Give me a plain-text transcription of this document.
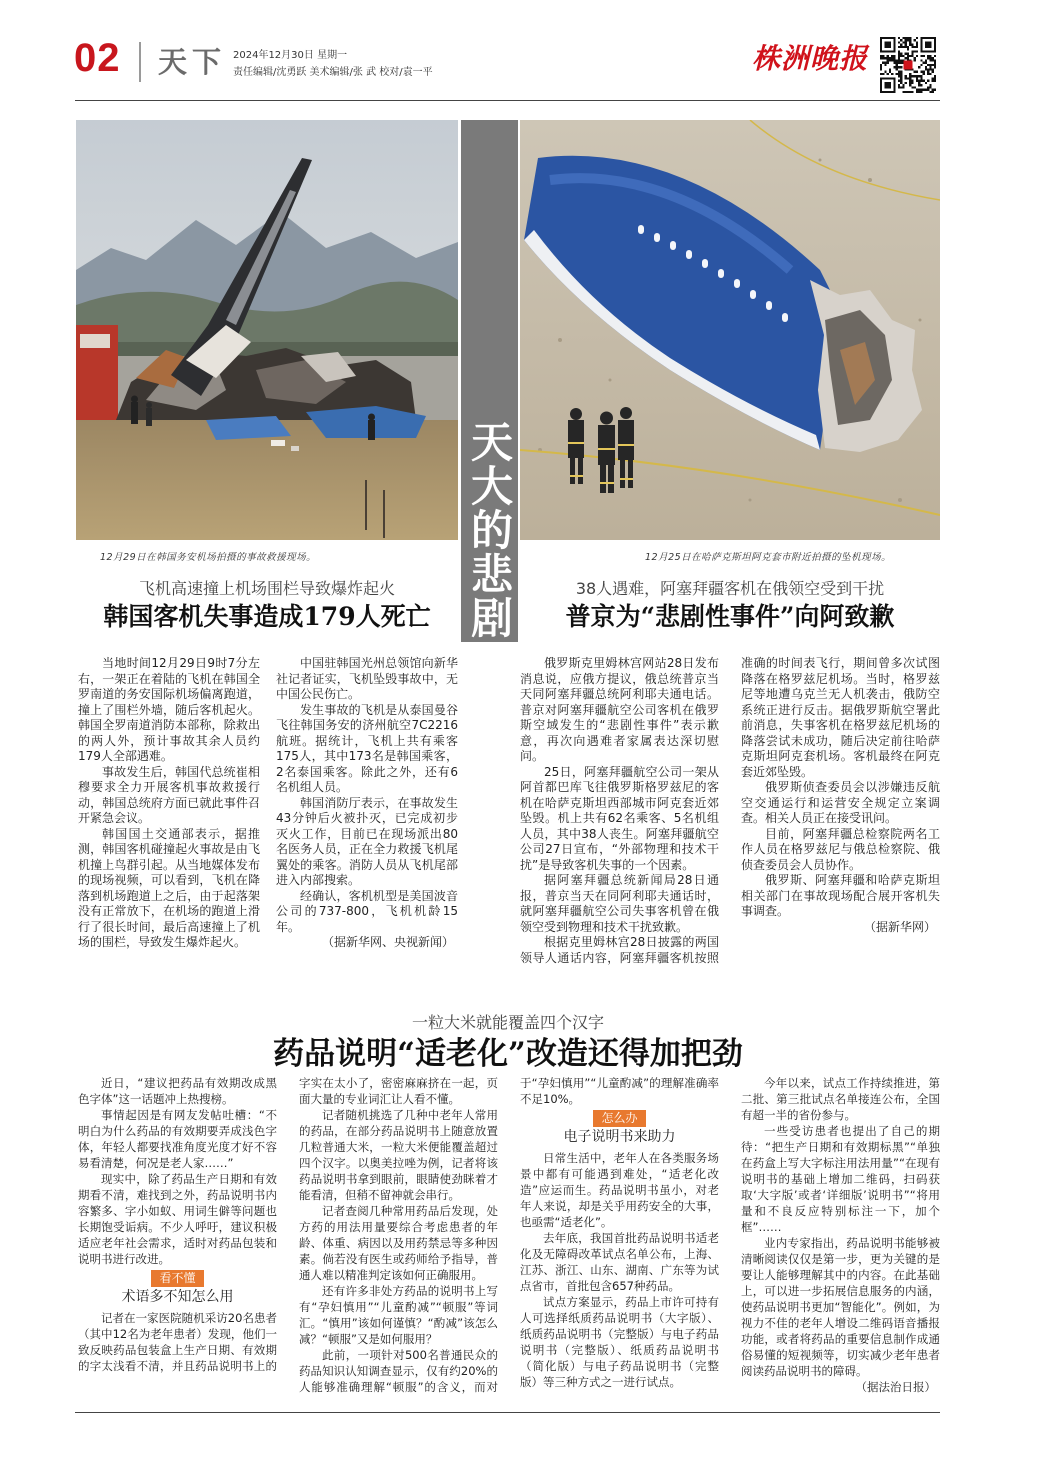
02 天下 2024年12月30日 星期一
责任编辑/沈勇跃 美术编辑/张 武 校对/袁一平	株洲晚报
天大的悲剧
12月29日在韩国务安机场拍摄的事故救援现场。	12月25日在哈萨克斯坦阿克套市附近拍摄的坠机现场。
飞机高速撞上机场围栏导致爆炸起火
韩国客机失事造成179人死亡

当地时间12月29日9时7分左右，一架正在着陆的飞机在韩国全罗南道的务安国际机场偏离跑道，撞上了围栏外墙，随后客机起火。韩国全罗南道消防本部称，除救出的两人外，预计事故其余人员约179人全部遇难。

事故发生后，韩国代总统崔相穆要求全力开展客机事故救援行动，韩国总统府方面已就此事件召开紧急会议。

韩国国土交通部表示，据推测，韩国客机碰撞起火事故是由飞机撞上鸟群引起。从当地媒体发布的现场视频，可以看到，飞机在降落到机场跑道上之后，由于起落架没有正常放下，在机场的跑道上滑行了很长时间，最后高速撞上了机场的围栏，导致发生爆炸起火。

中国驻韩国光州总领馆向新华社记者证实，飞机坠毁事故中，无中国公民伤亡。

发生事故的飞机是从泰国曼谷飞往韩国务安的济州航空7C2216航班。据统计，飞机上共有乘客175人，其中173名是韩国乘客，2名泰国乘客。除此之外，还有6名机组人员。

韩国消防厅表示，在事故发生43分钟后火被扑灭，已完成初步灭火工作，目前已在现场派出80名医务人员，正在全力救援飞机尾翼处的乘客。消防人员从飞机尾部进入内部搜索。

经确认，客机机型是美国波音公司的737-800，飞机机龄15年。

（据新华网、央视新闻）

38人遇难，阿塞拜疆客机在俄领空受到干扰
普京为“悲剧性事件”向阿致歉

俄罗斯克里姆林宫网站28日发布消息说，应俄方提议，俄总统普京当天同阿塞拜疆总统阿利耶夫通电话。普京对阿塞拜疆航空公司客机在俄罗斯空域发生的“悲剧性事件”表示歉意，再次向遇难者家属表达深切慰问。

25日，阿塞拜疆航空公司一架从阿首都巴库飞往俄罗斯格罗兹尼的客机在哈萨克斯坦西部城市阿克套近郊坠毁。机上共有62名乘客、5名机组人员，其中38人丧生。阿塞拜疆航空公司27日宣布，“外部物理和技术干扰”是导致客机失事的一个因素。

据阿塞拜疆总统新闻局28日通报，普京当天在同阿利耶夫通话时，就阿塞拜疆航空公司失事客机曾在俄领空受到物理和技术干扰致歉。

根据克里姆林宫28日披露的两国领导人通话内容，阿塞拜疆客机按照准确的时间表飞行，期间曾多次试图降落在格罗兹尼机场。当时，格罗兹尼等地遭乌克兰无人机袭击，俄防空系统正进行反击。据俄罗斯航空署此前消息，失事客机在格罗兹尼机场的降落尝试未成功，随后决定前往哈萨克斯坦阿克套机场。客机最终在阿克套近郊坠毁。

俄罗斯侦查委员会以涉嫌违反航空交通运行和运营安全规定立案调查。相关人员正在接受讯问。

目前，阿塞拜疆总检察院两名工作人员在格罗兹尼与俄总检察院、俄侦查委员会人员协作。

俄罗斯、阿塞拜疆和哈萨克斯坦相关部门在事故现场配合展开客机失事调查。

（据新华网）

一粒大米就能覆盖四个汉字
药品说明“适老化”改造还得加把劲

近日，“建议把药品有效期改成黑色字体”这一话题冲上热搜榜。

事情起因是有网友发帖吐槽：“不明白为什么药品的有效期要弄成浅色字体，年轻人都要找准角度光度才好不容易看清楚，何况是老人家……”

现实中，除了药品生产日期和有效期看不清，难找到之外，药品说明书内容繁多、字小如蚁、用词生僻等问题也长期饱受诟病。不少人呼吁，建议积极适应老年社会需求，适时对药品包装和说明书进行改进。

看不懂
术语多不知怎么用

记者在一家医院随机采访20名患者（其中12名为老年患者）发现，他们一致反映药品包装盒上生产日期、有效期的字太浅看不清，并且药品说明书上的字实在太小了，密密麻麻挤在一起，页面大量的专业词汇让人看不懂。

记者随机挑选了几种中老年人常用的药品，在部分药品说明书上随意放置几粒普通大米，一粒大米便能覆盖超过四个汉字。以奥美拉唑为例，记者将该药品说明书拿到眼前，眼睛使劲眯着才能看清，但稍不留神就会串行。

记者查阅几种常用药品后发现，处方药的用法用量要综合考虑患者的年龄、体重、病因以及用药禁忌等多种因素。倘若没有医生或药师给予指导，普通人难以精准判定该如何正确服用。

还有许多非处方药品的说明书上写有“孕妇慎用”“儿童酌减”“顿服”等词汇。“慎用”该如何谨慎？“酌减”该怎么减？“顿服”又是如何服用？

此前，一项针对500名普通民众的药品知识认知调查显示，仅有约20%的人能够准确理解“顿服”的含义，而对于“孕妇慎用”“儿童酌减”的理解准确率不足10%。

怎么办
电子说明书来助力

日常生活中，老年人在各类服务场景中都有可能遇到难处，“适老化改造”应运而生。药品说明书虽小，对老年人来说，却是关乎用药安全的大事，也亟需“适老化”。

去年底，我国首批药品说明书适老化及无障碍改革试点名单公布，上海、江苏、浙江、山东、湖南、广东等为试点省市，首批包含657种药品。

试点方案显示，药品上市许可持有人可选择纸质药品说明书（大字版）、纸质药品说明书（完整版）与电子药品说明书（完整版）、纸质药品说明书（简化版）与电子药品说明书（完整版）等三种方式之一进行试点。

今年以来，试点工作持续推进，第二批、第三批试点名单接连公布，全国有超一半的省份参与。

一些受访患者也提出了自己的期待：“把生产日期和有效期标黑”“单独在药盒上写大字标注用法用量”“在现有说明书的基础上增加二维码，扫码获取‘大字版’或者‘详细版’说明书”“将用量和不良反应特别标注一下，加个框”……

业内专家指出，药品说明书能够被清晰阅读仅仅是第一步，更为关键的是要让人能够理解其中的内容。在此基础上，可以进一步拓展信息服务的内涵，使药品说明书更加“智能化”。例如，为视力不佳的老年人增设二维码语音播报功能，或者将药品的重要信息制作成通俗易懂的短视频等，切实减少老年患者阅读药品说明书的障碍。

（据法治日报）
